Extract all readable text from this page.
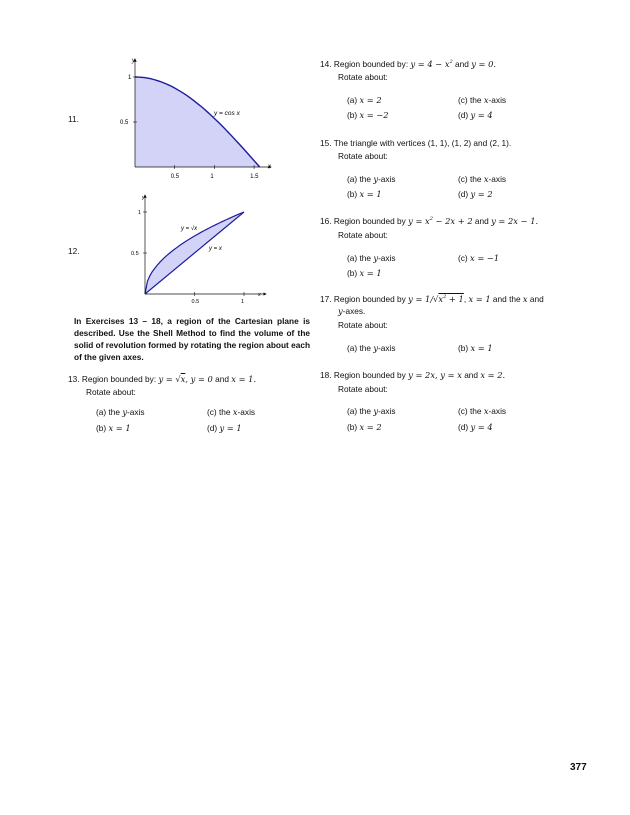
11.
0.5	1	1.5
0.5
1
x
y
y = cos x
12.
0.5	1
0.5
1
x
y
y = √x
y = x
In Exercises 13 – 18, a region of the Cartesian plane is described. Use the Shell Method to find the volume of the solid of revolution formed by rotating the region about each of the given axes.
13. Region bounded by: y = √x, y = 0 and x = 1.
Rotate about:
(a) the y-axis
(b) x = 1
(c) the x-axis
(d) y = 1
14. Region bounded by: $y = 4 - x^2$ and y = 0.
Rotate about:
(a) x = 2
(b) x = −2
(c) the x-axis
(d) y = 4
15. The triangle with vertices (1, 1), (1, 2) and (2, 1).
Rotate about:
(a) the y-axis
(b) x = 1
(c) the x-axis
(d) y = 2
16. Region bounded by $y = x^2 - 2x + 2$ and y = 2x − 1.
Rotate about:
(a) the y-axis
(b) x = 1
(c) x = −1
17. Region bounded by $y = 1/√x^2 + 1$, x = 1 and the x and
y-axes.
Rotate about:
(a) the y-axis	(b) x = 1
18. Region bounded by y = 2x, y = x and x = 2.
Rotate about:
(a) the y-axis
(b) x = 2
(c) the x-axis
(d) y = 4
377
